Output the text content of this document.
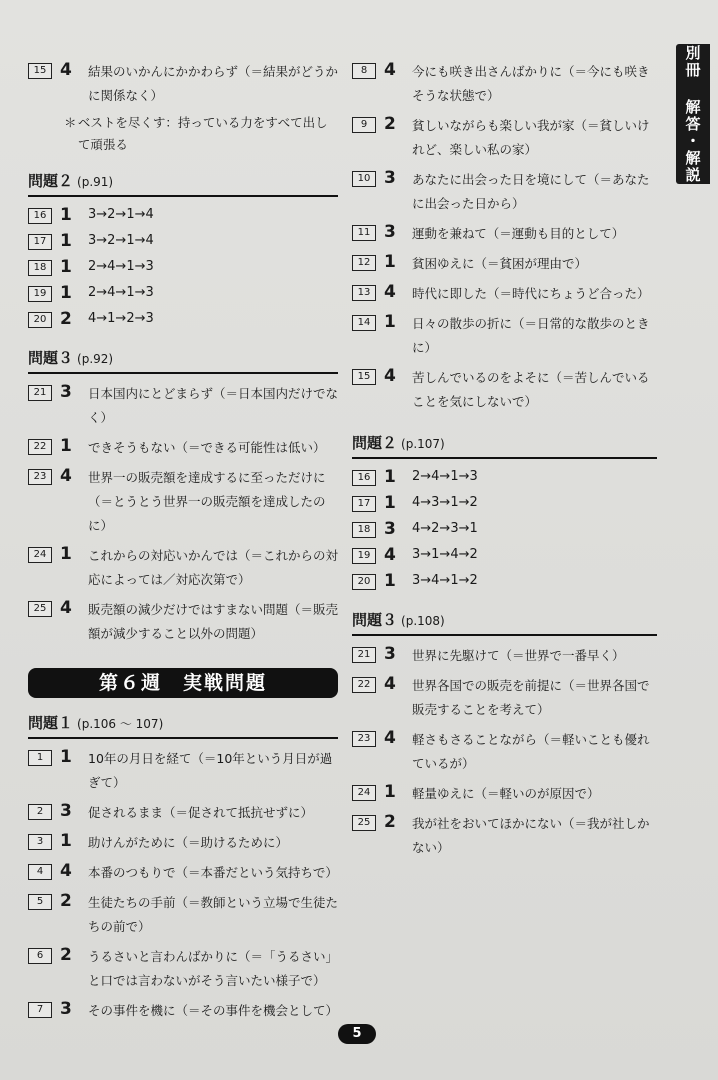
別冊 解答・解説
15 4	結果のいかんにかかわらず（＝結果がどうかに関係なく）
＊ ベストを尽くす：持っている力をすべて出して頑張る
問題２ (p.91)
16 1	3→2→1→4
17 1	3→2→1→4
18 1	2→4→1→3
19 1	2→4→1→3
20 2	4→1→2→3
問題３ (p.92)
21 3	日本国内にとどまらず（＝日本国内だけでなく）
22 1	できそうもない（＝できる可能性は低い）
23 4	世界一の販売額を達成するに至っただけに（＝とうとう世界一の販売額を達成したのに）
24 1	これからの対応いかんでは（＝これからの対応によっては／対応次第で）
25 4	販売額の減少だけではすまない問題（＝販売額が減少すること以外の問題）
第６週　実戦問題
問題１ (p.106 ～ 107)
1 1	10年の月日を経て（＝10年という月日が過ぎて）
2 3	促されるまま（＝促されて抵抗せずに）
3 1	助けんがために（＝助けるために）
4 4	本番のつもりで（＝本番だという気持ちで）
5 2	生徒たちの手前（＝教師という立場で生徒たちの前で）
6 2	うるさいと言わんばかりに（＝「うるさい」と口では言わないがそう言いたい様子で）
7 3	その事件を機に（＝その事件を機会として）
8 4	今にも咲き出さんばかりに（＝今にも咲きそうな状態で）
9 2	貧しいながらも楽しい我が家（＝貧しいけれど、楽しい私の家）
10 3	あなたに出会った日を境にして（＝あなたに出会った日から）
11 3	運動を兼ねて（＝運動も目的として）
12 1	貧困ゆえに（＝貧困が理由で）
13 4	時代に即した（＝時代にちょうど合った）
14 1	日々の散歩の折に（＝日常的な散歩のときに）
15 4	苦しんでいるのをよそに（＝苦しんでいることを気にしないで）
問題２ (p.107)
16 1	2→4→1→3
17 1	4→3→1→2
18 3	4→2→3→1
19 4	3→1→4→2
20 1	3→4→1→2
問題３ (p.108)
21 3	世界に先駆けて（＝世界で一番早く）
22 4	世界各国での販売を前提に（＝世界各国で販売することを考えて）
23 4	軽さもさることながら（＝軽いことも優れているが）
24 1	軽量ゆえに（＝軽いのが原因で）
25 2	我が社をおいてほかにない（＝我が社しかない）
5
